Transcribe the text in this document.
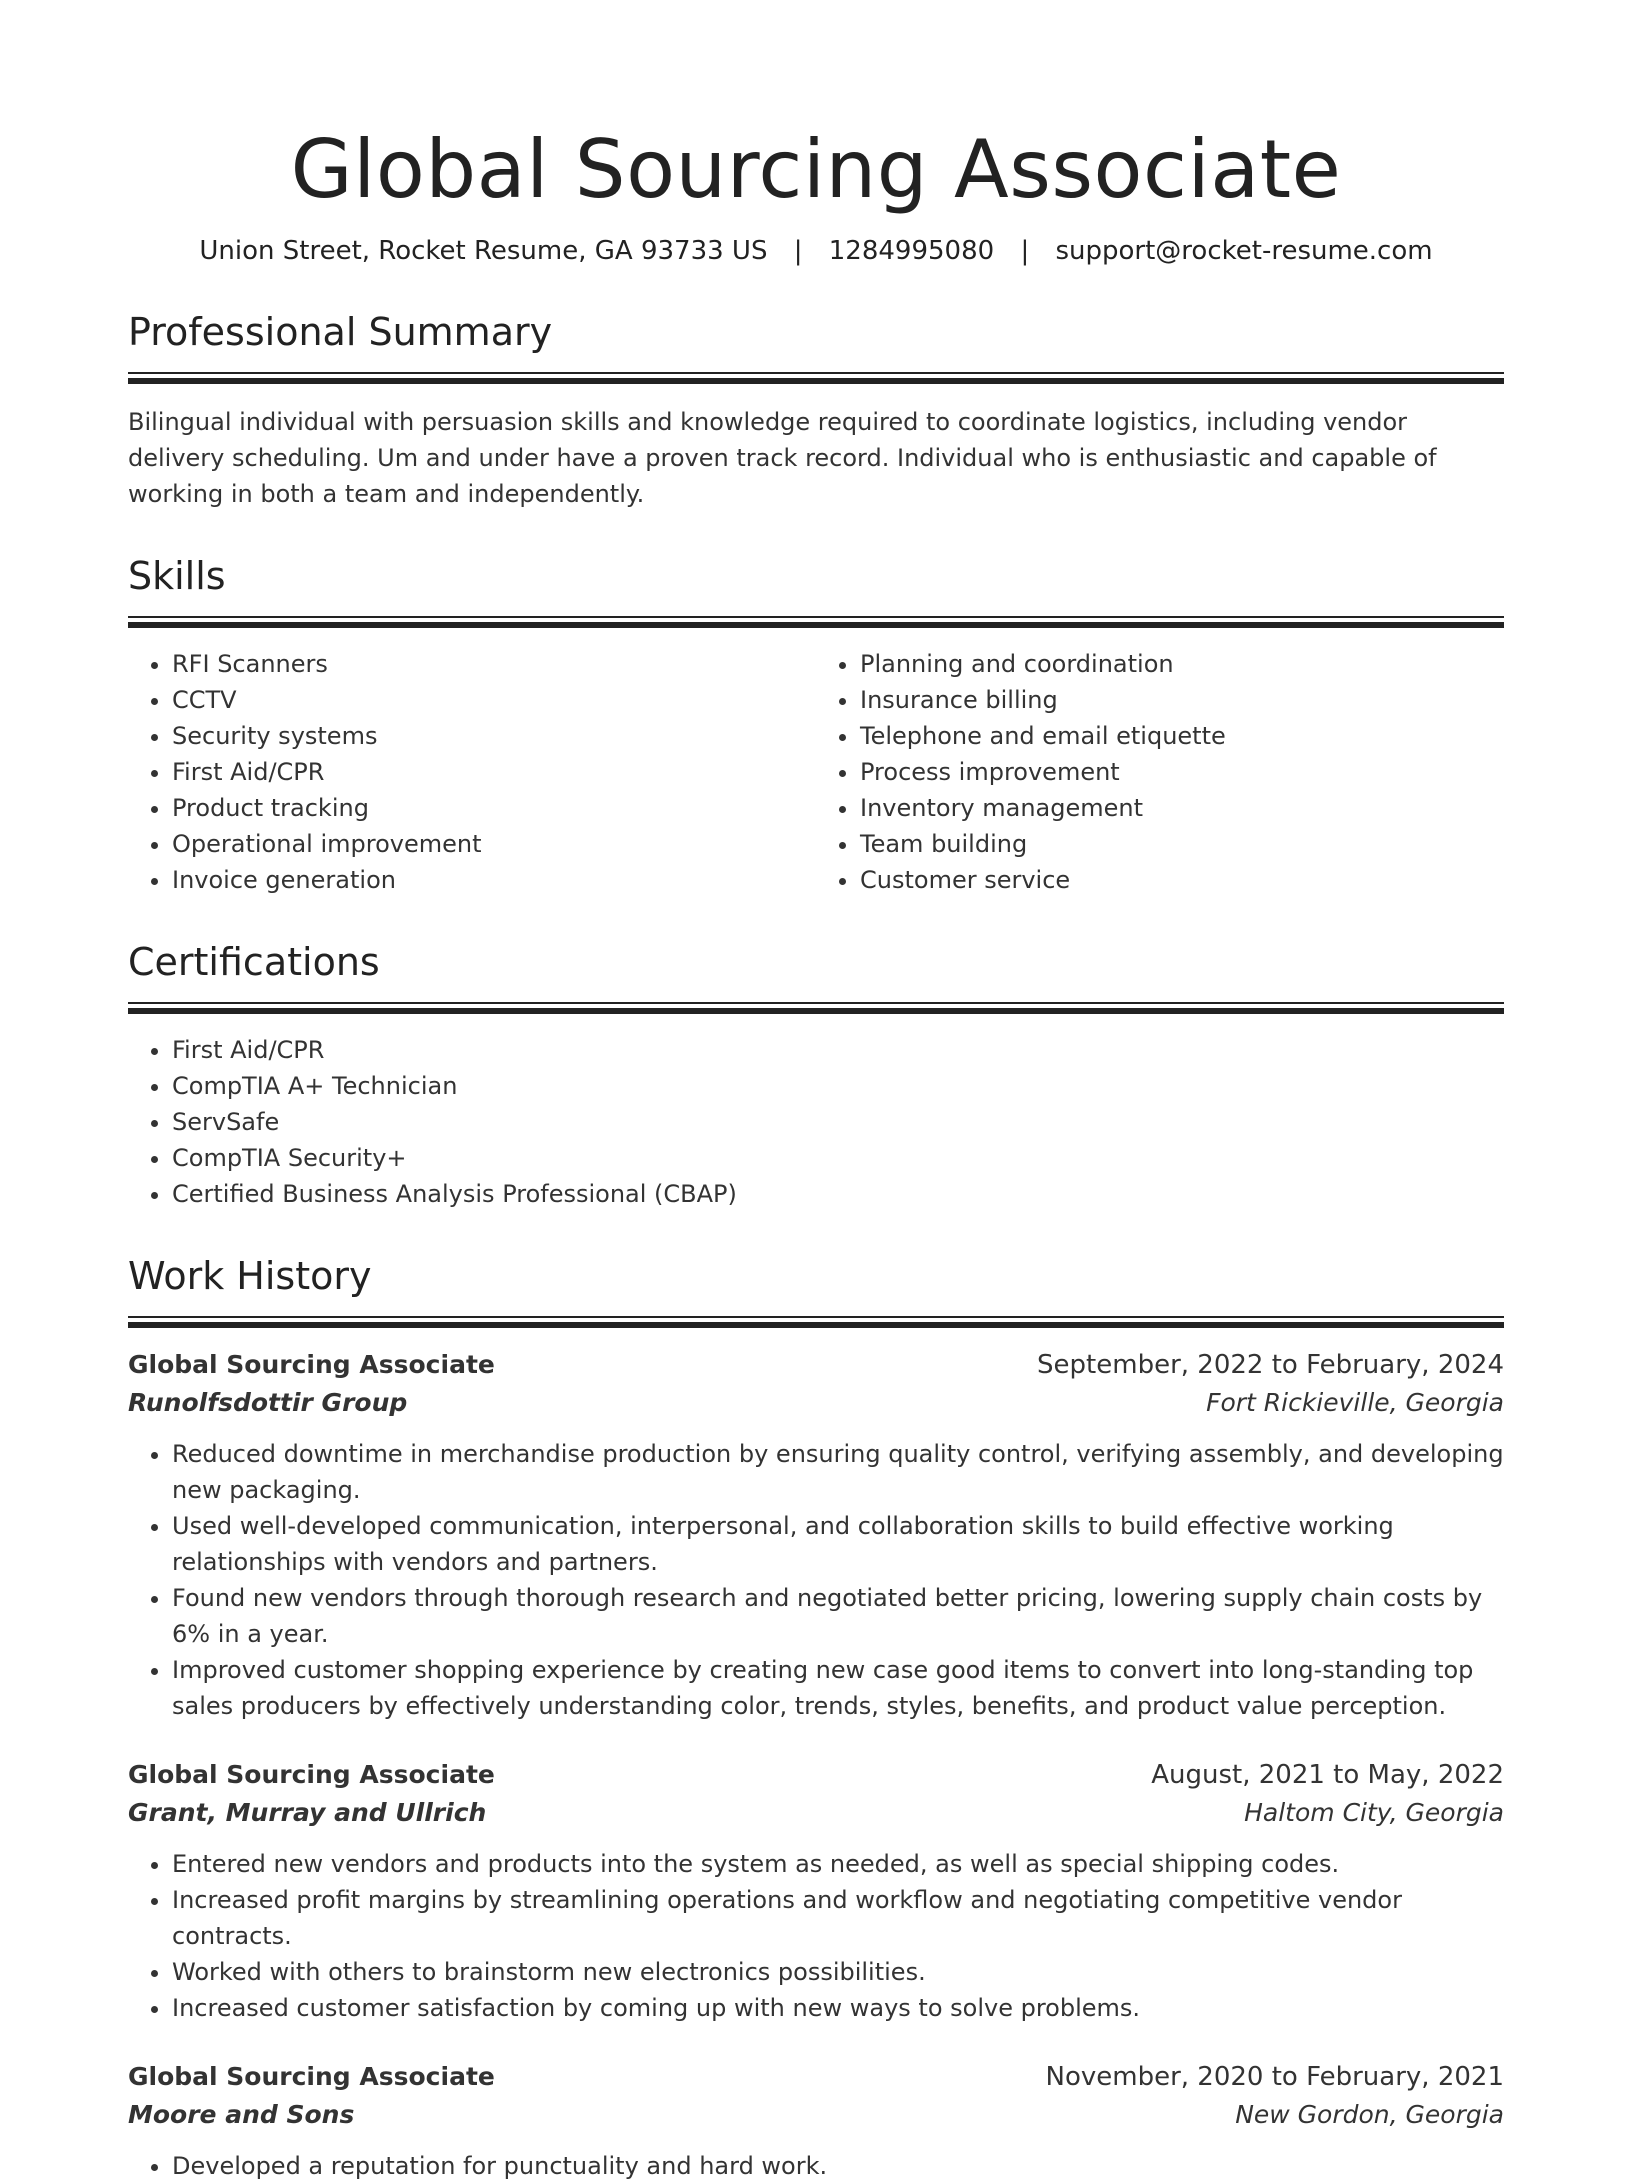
Global Sourcing Associate
Union Street, Rocket Resume, GA 93733 US | 1284995080 | support@rocket-resume.com
Professional Summary
Bilingual individual with persuasion skills and knowledge required to coordinate logistics, including vendor delivery scheduling. Um and under have a proven track record. Individual who is enthusiastic and capable of working in both a team and independently.
Skills
• RFI Scanners
• CCTV
• Security systems
• First Aid/CPR
• Product tracking
• Operational improvement
• Invoice generation
• Planning and coordination
• Insurance billing
• Telephone and email etiquette
• Process improvement
• Inventory management
• Team building
• Customer service
Certifications
• First Aid/CPR
• CompTIA A+ Technician
• ServSafe
• CompTIA Security+
• Certified Business Analysis Professional (CBAP)
Work History
Global Sourcing Associate	September, 2022 to February, 2024
Runolfsdottir Group	Fort Rickieville, Georgia
• Reduced downtime in merchandise production by ensuring quality control, verifying assembly, and developing new packaging.
• Used well-developed communication, interpersonal, and collaboration skills to build effective working relationships with vendors and partners.
• Found new vendors through thorough research and negotiated better pricing, lowering supply chain costs by 6% in a year.
• Improved customer shopping experience by creating new case good items to convert into long-standing top sales producers by effectively understanding color, trends, styles, benefits, and product value perception.
Global Sourcing Associate	August, 2021 to May, 2022
Grant, Murray and Ullrich	Haltom City, Georgia
• Entered new vendors and products into the system as needed, as well as special shipping codes.
• Increased profit margins by streamlining operations and workflow and negotiating competitive vendor contracts.
• Worked with others to brainstorm new electronics possibilities.
• Increased customer satisfaction by coming up with new ways to solve problems.
Global Sourcing Associate	November, 2020 to February, 2021
Moore and Sons	New Gordon, Georgia
• Developed a reputation for punctuality and hard work.
